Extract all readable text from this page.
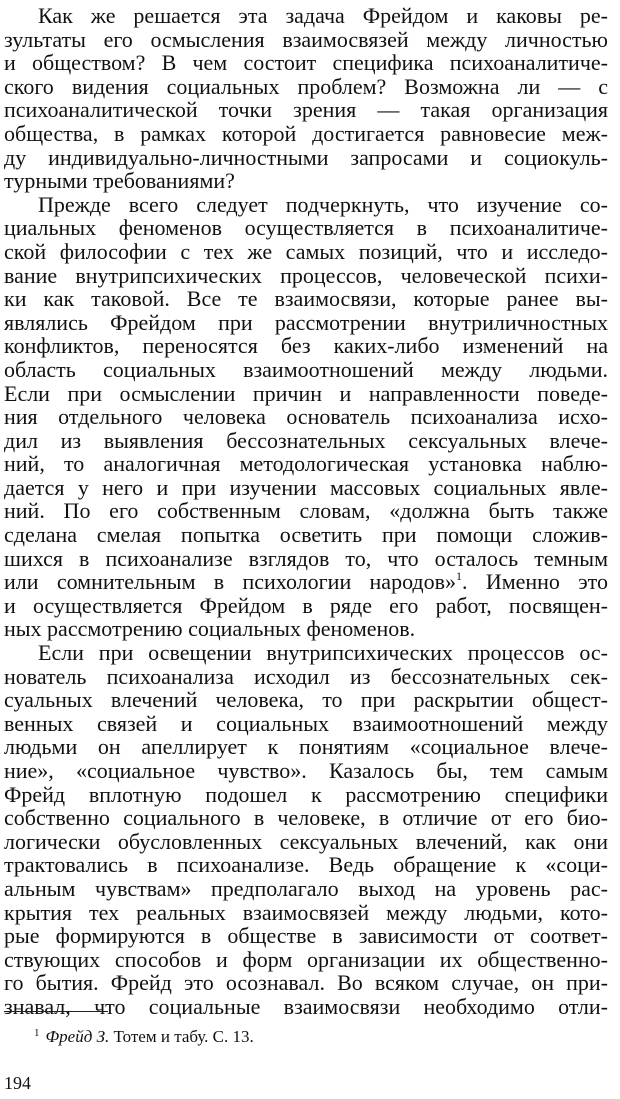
Как же решается эта задача Фрейдом и каковы ре-
зультаты его осмысления взаимосвязей между личностью
и обществом? В чем состоит специфика психоаналитиче-
ского видения социальных проблем? Возможна ли — с
психоаналитической точки зрения — такая организация
общества, в рамках которой достигается равновесие меж-
ду индивидуально-личностными запросами и социокуль-
турными требованиями?
Прежде всего следует подчеркнуть, что изучение со-
циальных феноменов осуществляется в психоаналитиче-
ской философии с тех же самых позиций, что и исследо-
вание внутрипсихических процессов, человеческой психи-
ки как таковой. Все те взаимосвязи, которые ранее вы-
являлись Фрейдом при рассмотрении внутриличностных
конфликтов, переносятся без каких-либо изменений на
область социальных взаимоотношений между людьми.
Если при осмыслении причин и направленности поведе-
ния отдельного человека основатель психоанализа исхо-
дил из выявления бессознательных сексуальных влече-
ний, то аналогичная методологическая установка наблю-
дается у него и при изучении массовых социальных явле-
ний. По его собственным словам, «должна быть также
сделана смелая попытка осветить при помощи сложив-
шихся в психоанализе взглядов то, что осталось темным
или сомнительным в психологии народов»$^1$. Именно это
и осуществляется Фрейдом в ряде его работ, посвящен-
ных рассмотрению социальных феноменов.
Если при освещении внутрипсихических процессов ос-
нователь психоанализа исходил из бессознательных сек-
суальных влечений человека, то при раскрытии общест-
венных связей и социальных взаимоотношений между
людьми он апеллирует к понятиям «социальное влече-
ние», «социальное чувство». Казалось бы, тем самым
Фрейд вплотную подошел к рассмотрению специфики
собственно социального в человеке, в отличие от его био-
логически обусловленных сексуальных влечений, как они
трактовались в психоанализе. Ведь обращение к «соци-
альным чувствам» предполагало выход на уровень рас-
крытия тех реальных взаимосвязей между людьми, кото-
рые формируются в обществе в зависимости от соответ-
ствующих способов и форм организации их общественно-
го бытия. Фрейд это осознавал. Во всяком случае, он при-
знавал, что социальные взаимосвязи необходимо отли-
$^1$ Фрейд З. Тотем и табу. С. 13.
194
